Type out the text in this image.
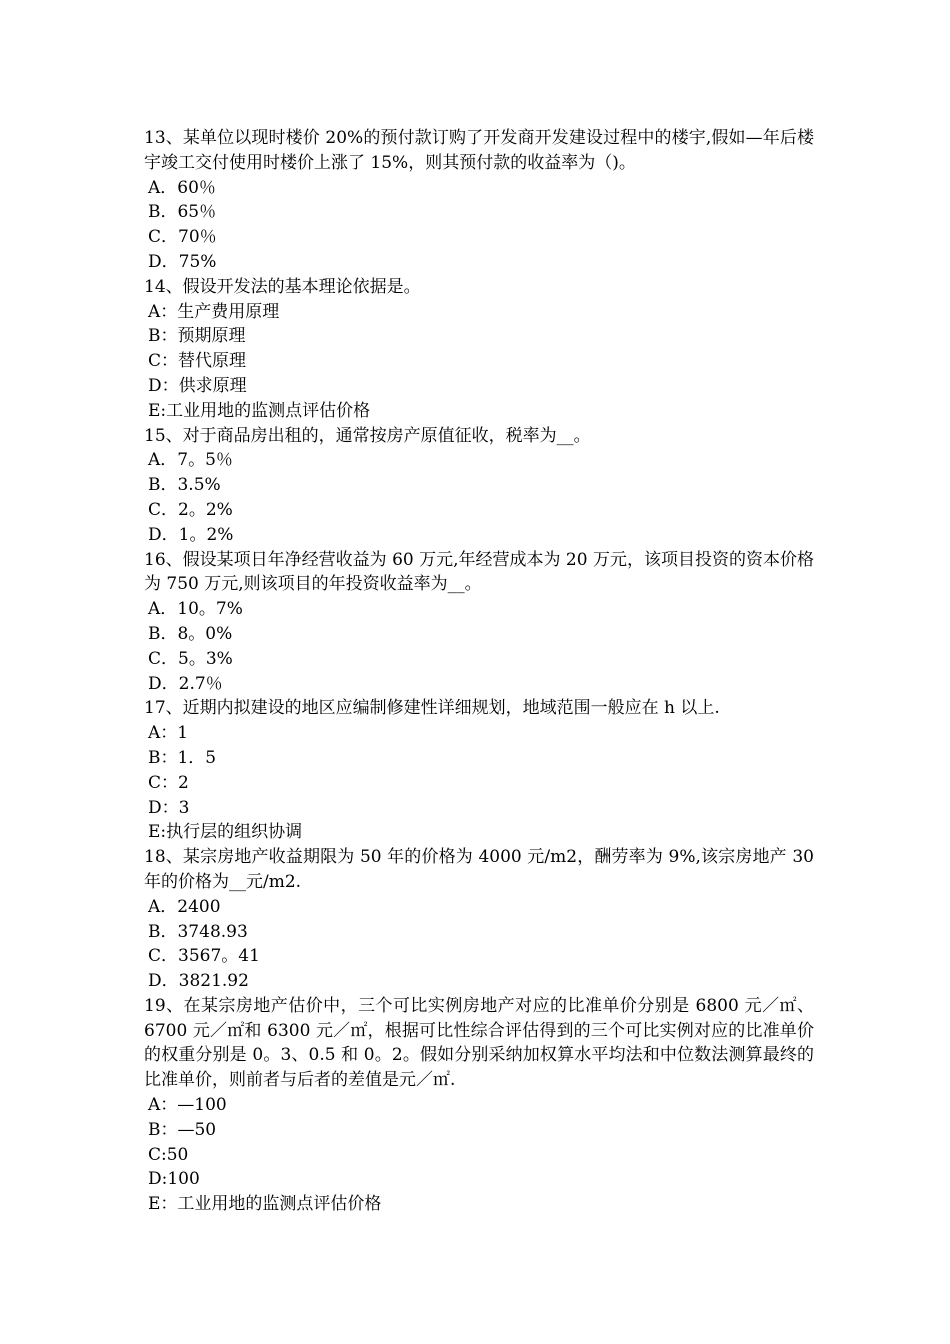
13、某单位以现时楼价 20%的预付款订购了开发商开发建设过程中的楼宇,假如—年后楼宇竣工交付使用时楼价上涨了 15%，则其预付款的收益率为（)。

A．60％

B．65％

C．70％

D．75%

14、假设开发法的基本理论依据是。

A：生产费用原理

B：预期原理

C：替代原理

D：供求原理

E:工业用地的监测点评估价格

15、对于商品房出租的，通常按房产原值征收，税率为__。

A．7。5％

B．3.5%

C．2。2%

D．1。2%

16、假设某项日年净经营收益为 60 万元,年经营成本为 20 万元，该项目投资的资本价格为 750 万元,则该项目的年投资收益率为__。

A．10。7%

B．8。0%

C．5。3%

D．2.7％

17、近期内拟建设的地区应编制修建性详细规划，地域范围一般应在 h 以上.

A：1

B：1．5

C：2

D：3

E:执行层的组织协调

18、某宗房地产收益期限为 50 年的价格为 4000 元/m2，酬劳率为 9%,该宗房地产 30 年的价格为__元/m2.

A．2400

B．3748.93

C．3567。41

D．3821.92

19、在某宗房地产估价中，三个可比实例房地产对应的比准单价分别是 6800 元／㎡、6700 元／㎡和 6300 元／㎡，根据可比性综合评估得到的三个可比实例对应的比准单价的权重分别是 0。3、0.5 和 0。2。假如分别采纳加权算水平均法和中位数法测算最终的比准单价，则前者与后者的差值是元／㎡.

A：—100

B：—50

C:50

D:100

E：工业用地的监测点评估价格
